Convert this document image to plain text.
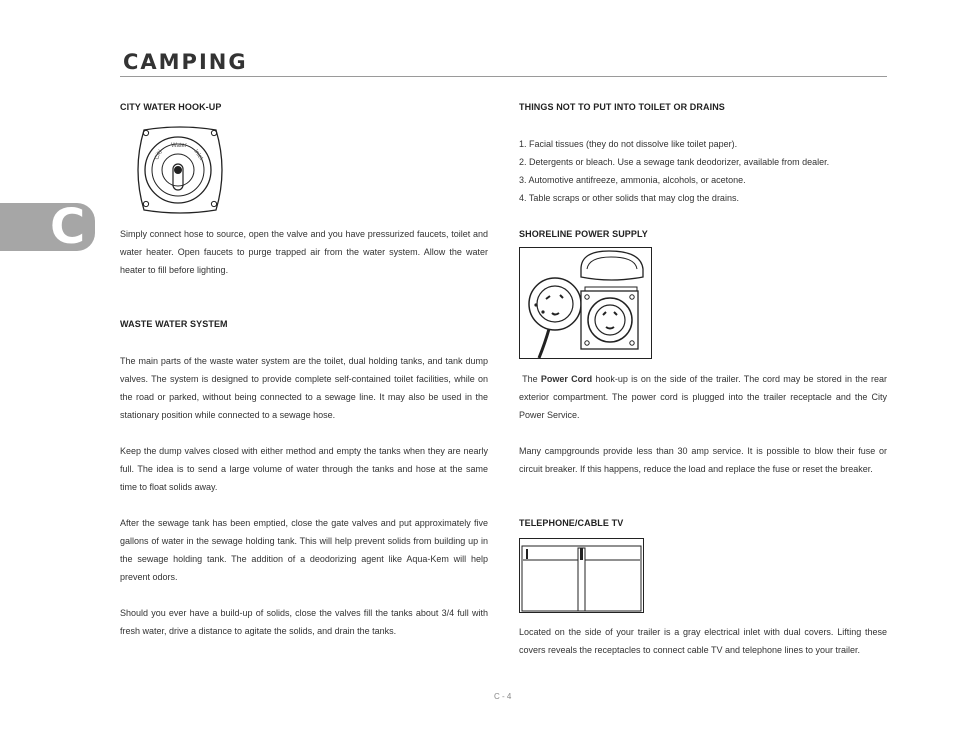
CAMPING
C
CITY WATER HOOK-UP
Water
City	Inlet

Simply connect hose to source, open the valve and you have pressurized faucets, toilet and water heater. Open faucets to purge trapped air from the water system. Allow the water heater to fill before lighting.

WASTE WATER SYSTEM

The main parts of the waste water system are the toilet, dual holding tanks, and tank dump valves. The system is designed to provide complete self-contained toilet facilities, while on the road or parked, without being connected to a sewage line. It may also be used in the stationary position while connected to a sewage hose.

Keep the dump valves closed with either method and empty the tanks when they are nearly full. The idea is to send a large volume of water through the tanks and hose at the same time to float solids away.

After the sewage tank has been emptied, close the gate valves and put approximately five gallons of water in the sewage holding tank. This will help prevent solids from building up in the sewage holding tank. The addition of a deodorizing agent like Aqua-Kem will help prevent odors.

Should you ever have a build-up of solids, close the valves fill the tanks about 3/4 full with fresh water, drive a distance to agitate the solids, and drain the tanks.

THINGS NOT TO PUT INTO TOILET OR DRAINS
1. Facial tissues (they do not dissolve like toilet paper).
2. Detergents or bleach. Use a sewage tank deodorizer, available from dealer.
3. Automotive antifreeze, ammonia, alcohols, or acetone.
4. Table scraps or other solids that may clog the drains.
SHORELINE POWER SUPPLY

The Power Cord hook-up is on the side of the trailer. The cord may be stored in the rear exterior compartment. The power cord is plugged into the trailer receptacle and the City Power Service.

Many campgrounds provide less than 30 amp service. It is possible to blow their fuse or circuit breaker. If this happens, reduce the load and replace the fuse or reset the breaker.

TELEPHONE/CABLE TV

Located on the side of your trailer is a gray electrical inlet with dual covers. Lifting these covers reveals the receptacles to connect cable TV and telephone lines to your trailer.

C - 4
